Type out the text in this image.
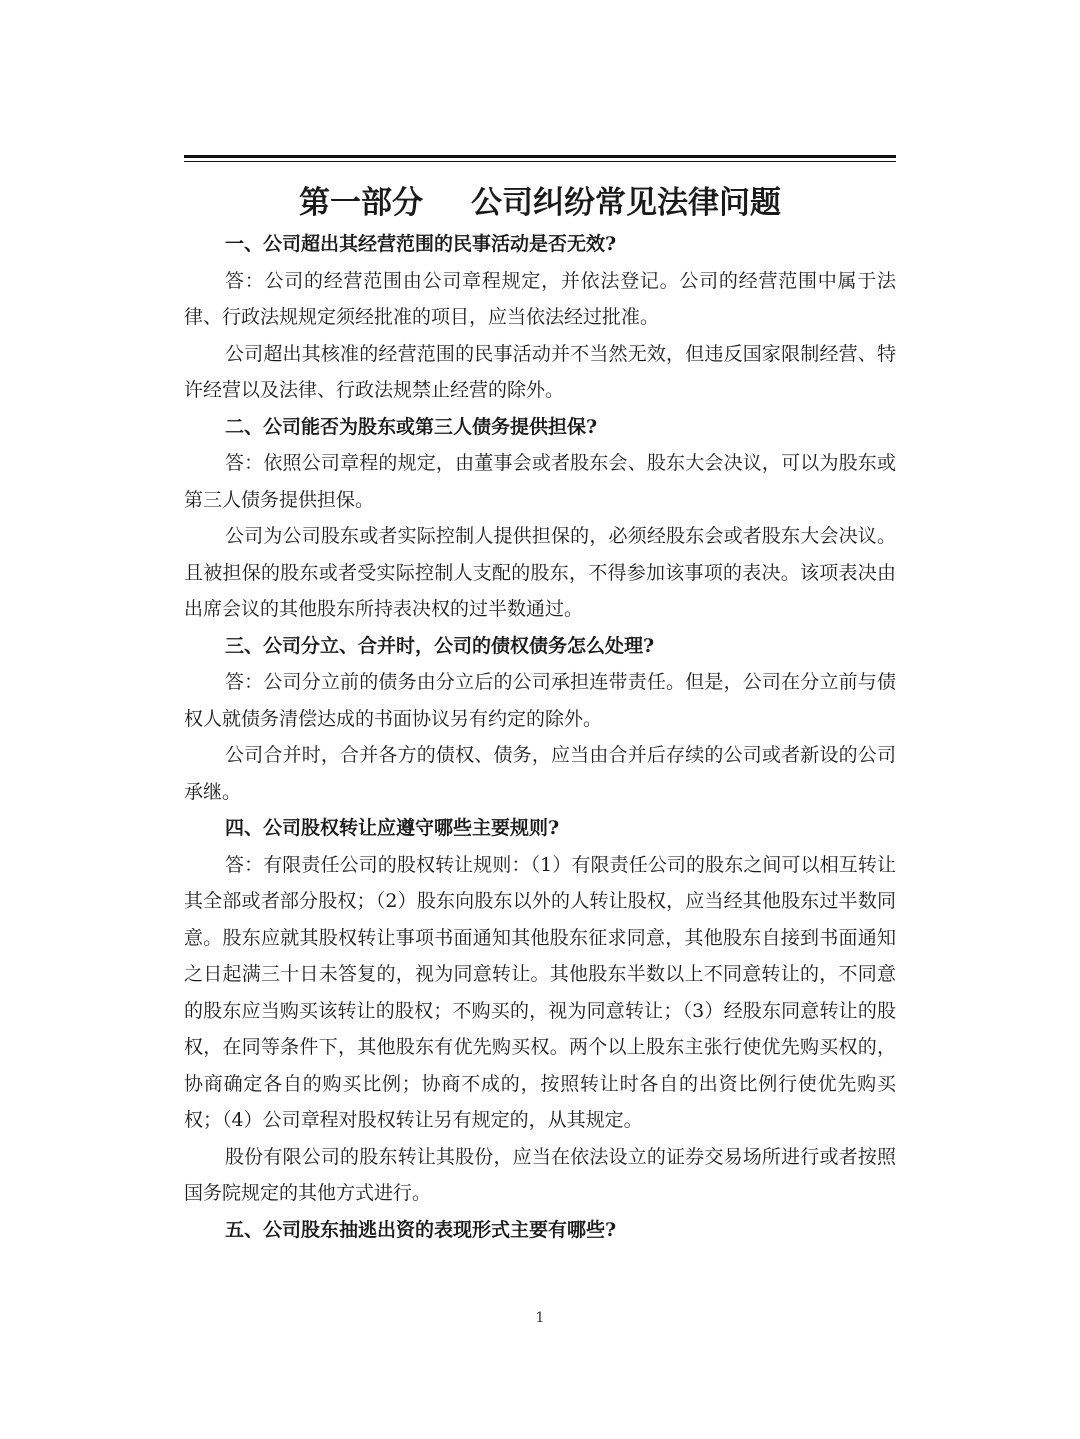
第一部分 公司纠纷常见法律问题

一、公司超出其经营范围的民事活动是否无效?

答：公司的经营范围由公司章程规定，并依法登记。公司的经营范围中属于法律、行政法规规定须经批准的项目，应当依法经过批准。

公司超出其核准的经营范围的民事活动并不当然无效，但违反国家限制经营、特许经营以及法律、行政法规禁止经营的除外。

二、公司能否为股东或第三人债务提供担保?

答：依照公司章程的规定，由董事会或者股东会、股东大会决议，可以为股东或第三人债务提供担保。

公司为公司股东或者实际控制人提供担保的，必须经股东会或者股东大会决议。且被担保的股东或者受实际控制人支配的股东，不得参加该事项的表决。该项表决由出席会议的其他股东所持表决权的过半数通过。

三、公司分立、合并时，公司的债权债务怎么处理?

答：公司分立前的债务由分立后的公司承担连带责任。但是，公司在分立前与债权人就债务清偿达成的书面协议另有约定的除外。

公司合并时，合并各方的债权、债务，应当由合并后存续的公司或者新设的公司承继。

四、公司股权转让应遵守哪些主要规则?

答：有限责任公司的股权转让规则：（1）有限责任公司的股东之间可以相互转让其全部或者部分股权；（2）股东向股东以外的人转让股权，应当经其他股东过半数同意。股东应就其股权转让事项书面通知其他股东征求同意，其他股东自接到书面通知之日起满三十日未答复的，视为同意转让。其他股东半数以上不同意转让的，不同意的股东应当购买该转让的股权；不购买的，视为同意转让；（3）经股东同意转让的股权，在同等条件下，其他股东有优先购买权。两个以上股东主张行使优先购买权的，协商确定各自的购买比例；协商不成的，按照转让时各自的出资比例行使优先购买权；（4）公司章程对股权转让另有规定的，从其规定。

股份有限公司的股东转让其股份，应当在依法设立的证券交易场所进行或者按照国务院规定的其他方式进行。

五、公司股东抽逃出资的表现形式主要有哪些?

1
